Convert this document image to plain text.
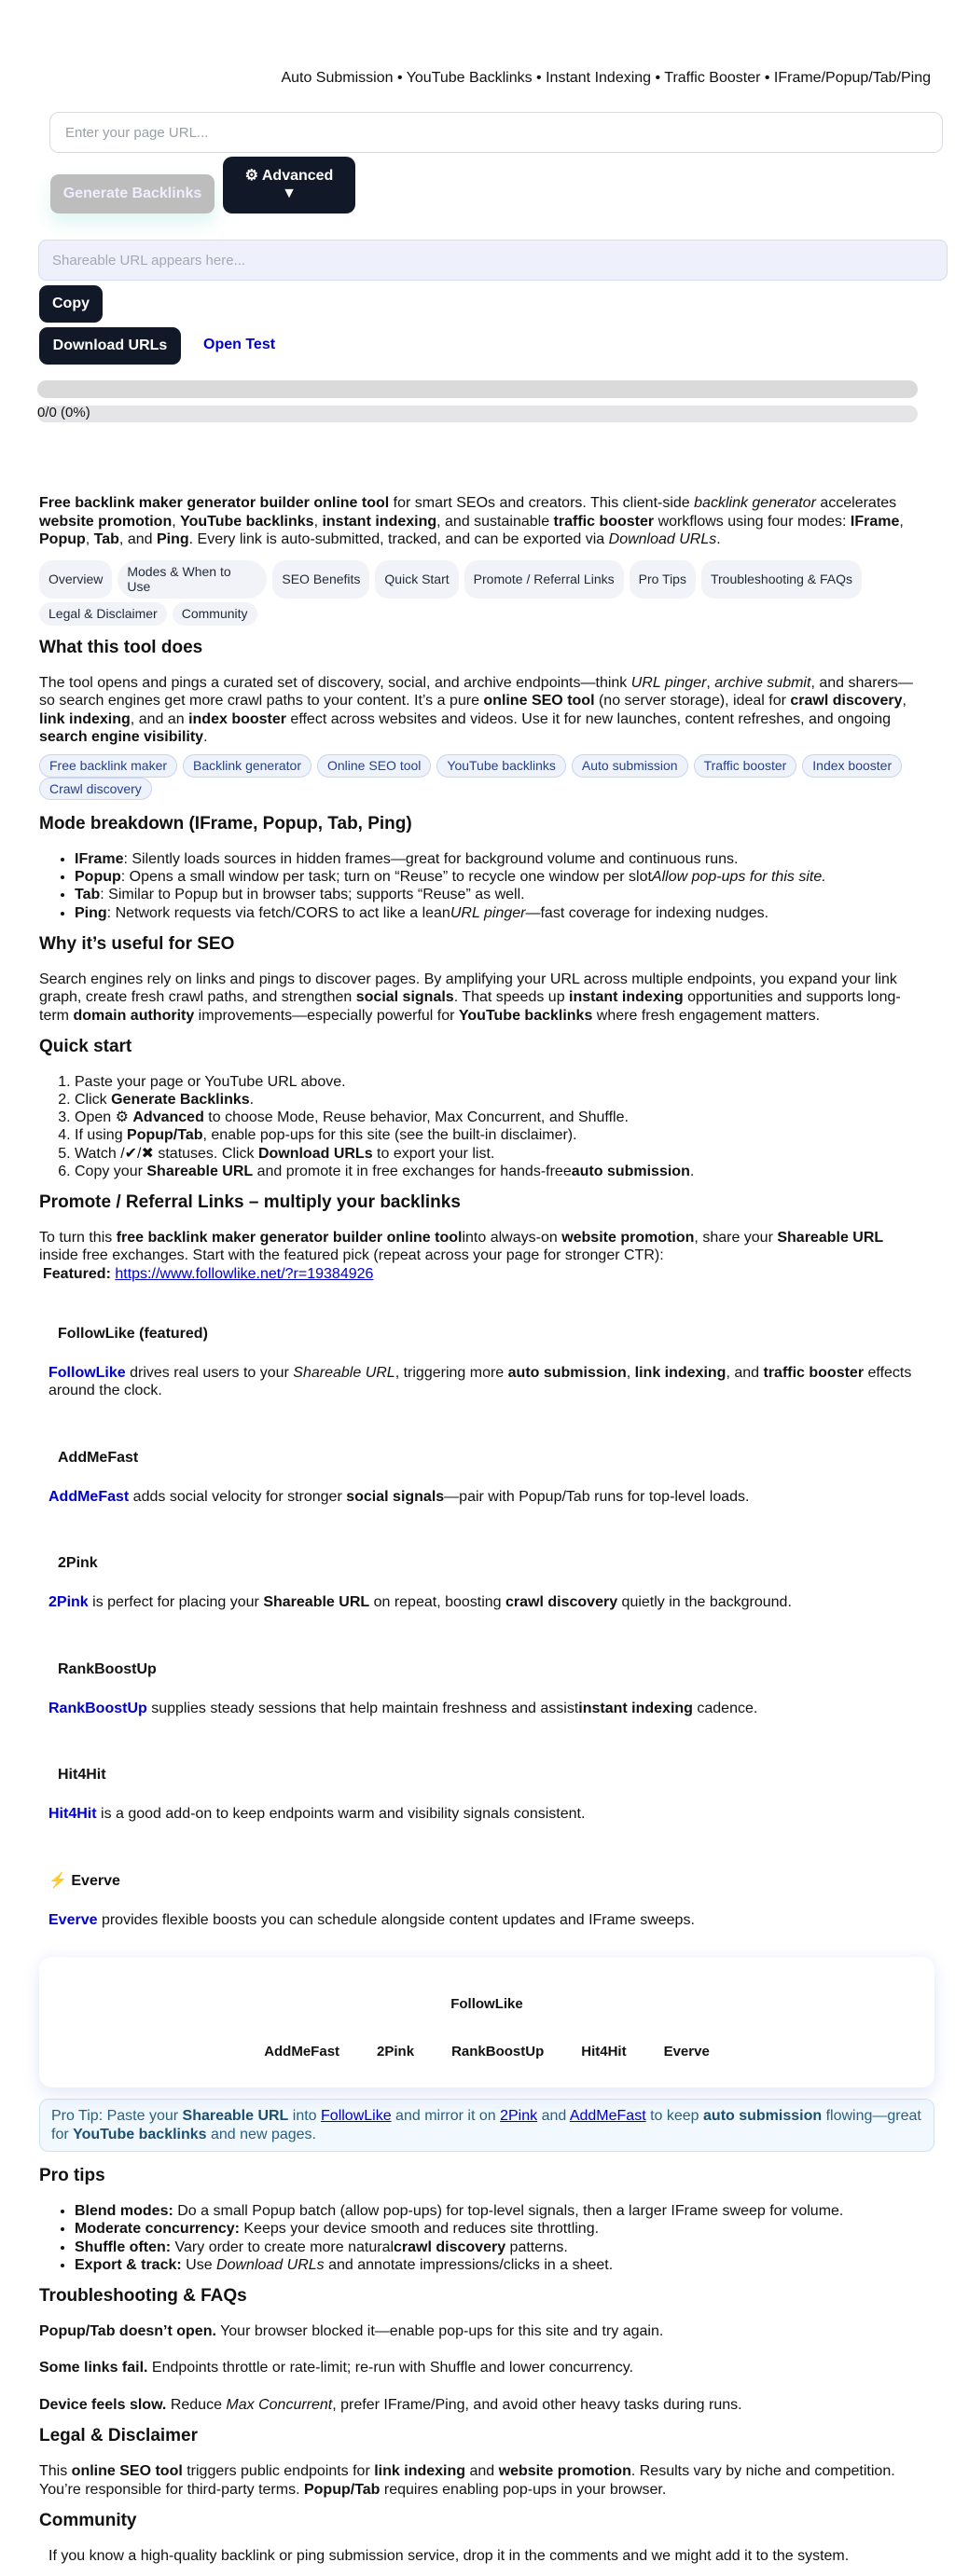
Auto Submission • YouTube Backlinks • Instant Indexing • Traffic Booster • IFrame/Popup/Tab/Ping
Enter your page URL...
Generate Backlinks
⚙ Advanced
▼
Shareable URL appears here...
Copy
Download URLs	Open Test
0/0 (0%)

Free backlink maker generator builder online tool for smart SEOs and creators. This client-side backlink generator accelerates website promotion, YouTube backlinks, instant indexing, and sustainable traffic booster workflows using four modes: IFrame, Popup, Tab, and Ping. Every link is auto-submitted, tracked, and can be exported via Download URLs.

Overview
Modes & When to Use
SEO Benefits	Quick Start	Promote / Referral Links	Pro Tips	Troubleshooting & FAQs
Legal & Disclaimer	Community
What this tool does

The tool opens and pings a curated set of discovery, social, and archive endpoints—think URL pinger, archive submit, and sharers—so search engines get more crawl paths to your content. It’s a pure online SEO tool (no server storage), ideal for crawl discovery, link indexing, and an index booster effect across websites and videos. Use it for new launches, content refreshes, and ongoing search engine visibility.

Free backlink maker	Backlink generator	Online SEO tool	YouTube backlinks	Auto submission	Traffic booster	Index booster
Crawl discovery
Mode breakdown (IFrame, Popup, Tab, Ping)
• IFrame: Silently loads sources in hidden frames—great for background volume and continuous runs.
• Popup: Opens a small window per task; turn on “Reuse” to recycle one window per slotAllow pop-ups for this site.
• Tab: Similar to Popup but in browser tabs; supports “Reuse” as well.
• Ping: Network requests via fetch/CORS to act like a leanURL pinger—fast coverage for indexing nudges.
Why it’s useful for SEO

Search engines rely on links and pings to discover pages. By amplifying your URL across multiple endpoints, you expand your link graph, create fresh crawl paths, and strengthen social signals. That speeds up instant indexing opportunities and supports long-term domain authority improvements—especially powerful for YouTube backlinks where fresh engagement matters.

Quick start
1. Paste your page or YouTube URL above.
2. Click Generate Backlinks.
3. Open ⚙ Advanced to choose Mode, Reuse behavior, Max Concurrent, and Shuffle.
4. If using Popup/Tab, enable pop-ups for this site (see the built-in disclaimer).
5. Watch /✔/✖ statuses. Click Download URLs to export your list.
6. Copy your Shareable URL and promote it in free exchanges for hands-freeauto submission.
Promote / Referral Links – multiply your backlinks

To turn this free backlink maker generator builder online toolinto always-on website promotion, share your Shareable URL inside free exchanges. Start with the featured pick (repeat across your page for stronger CTR):

Featured: https://www.followlike.net/?r=19384926
FollowLike (featured)

FollowLike drives real users to your Shareable URL, triggering more auto submission, link indexing, and traffic booster effects around the clock.

AddMeFast

AddMeFast adds social velocity for stronger social signals—pair with Popup/Tab runs for top-level loads.

2Pink

2Pink is perfect for placing your Shareable URL on repeat, boosting crawl discovery quietly in the background.

RankBoostUp

RankBoostUp supplies steady sessions that help maintain freshness and assistinstant indexing cadence.

Hit4Hit

Hit4Hit is a good add-on to keep endpoints warm and visibility signals consistent.

⚡ Everve

Everve provides flexible boosts you can schedule alongside content updates and IFrame sweeps.

FollowLike
AddMeFast	2Pink	RankBoostUp	Hit4Hit	Everve
Pro Tip: Paste your Shareable URL into FollowLike and mirror it on 2Pink and AddMeFast to keep auto submission flowing—great for YouTube backlinks and new pages.
Pro tips
• Blend modes: Do a small Popup batch (allow pop-ups) for top-level signals, then a larger IFrame sweep for volume.
• Moderate concurrency: Keeps your device smooth and reduces site throttling.
• Shuffle often: Vary order to create more naturalcrawl discovery patterns.
• Export & track: Use Download URLs and annotate impressions/clicks in a sheet.
Troubleshooting & FAQs

Popup/Tab doesn’t open. Your browser blocked it—enable pop-ups for this site and try again.

Some links fail. Endpoints throttle or rate-limit; re-run with Shuffle and lower concurrency.

Device feels slow. Reduce Max Concurrent, prefer IFrame/Ping, and avoid other heavy tasks during runs.

Legal & Disclaimer

This online SEO tool triggers public endpoints for link indexing and website promotion. Results vary by niche and competition. You’re responsible for third-party terms. Popup/Tab requires enabling pop-ups in your browser.

Community

If you know a high-quality backlink or ping submission service, drop it in the comments and we might add it to the system.
